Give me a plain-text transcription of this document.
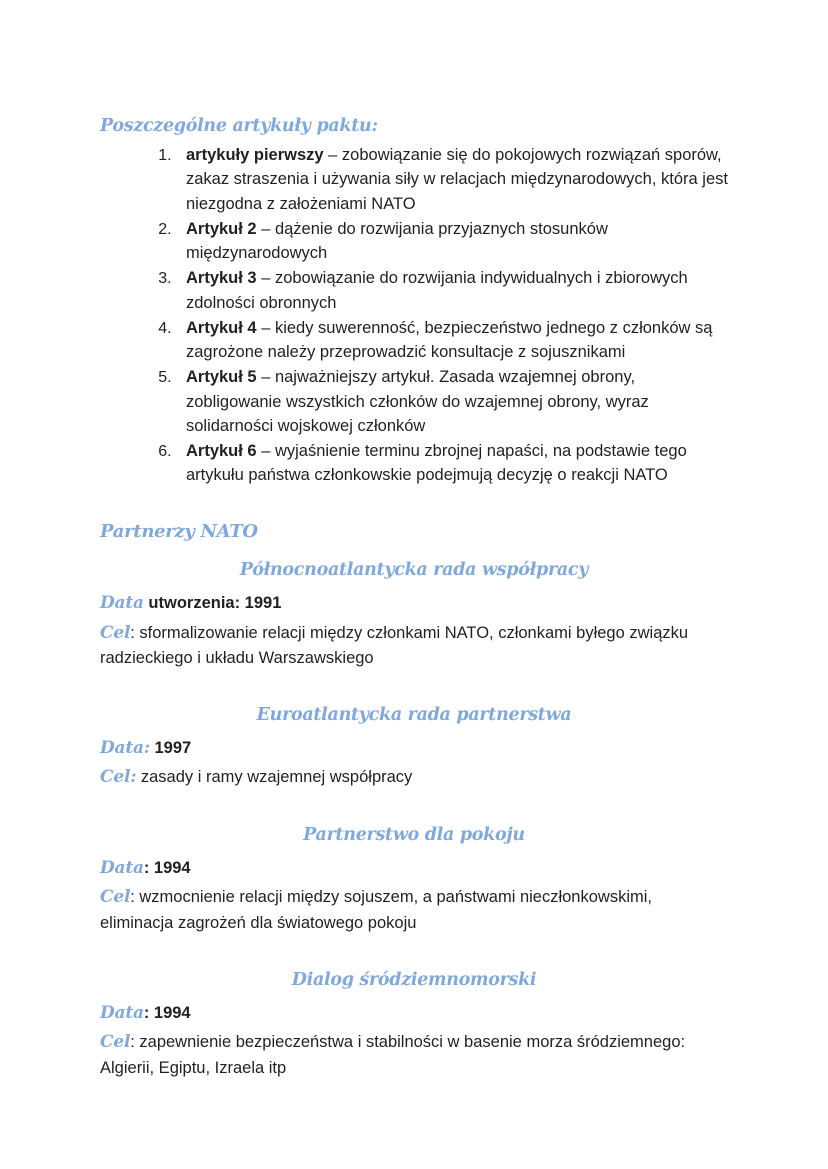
Poszczególne artykuły paktu:
1. artykuły pierwszy – zobowiązanie się do pokojowych rozwiązań sporów, zakaz straszenia i używania siły w relacjach międzynarodowych, która jest niezgodna z założeniami NATO
2. Artykuł 2 – dążenie do rozwijania przyjaznych stosunków międzynarodowych
3. Artykuł 3 – zobowiązanie do rozwijania indywidualnych i zbiorowych zdolności obronnych
4. Artykuł 4 – kiedy suwerenność, bezpieczeństwo jednego z członków są zagrożone należy przeprowadzić konsultacje z sojusznikami
5. Artykuł 5 – najważniejszy artykuł. Zasada wzajemnej obrony, zobligowanie wszystkich członków do wzajemnej obrony, wyraz solidarności wojskowej członków
6. Artykuł 6 – wyjaśnienie terminu zbrojnej napaści, na podstawie tego artykułu państwa członkowskie podejmują decyzję o reakcji NATO
Partnerzy NATO
Północnoatlantycka rada współpracy

Data utworzenia: 1991

Cel: sformalizowanie relacji między członkami NATO, członkami byłego związku radzieckiego i układu Warszawskiego

Euroatlantycka rada partnerstwa

Data: 1997

Cel: zasady i ramy wzajemnej współpracy

Partnerstwo dla pokoju

Data: 1994

Cel: wzmocnienie relacji między sojuszem, a państwami nieczłonkowskimi, eliminacja zagrożeń dla światowego pokoju

Dialog śródziemnomorski

Data: 1994

Cel: zapewnienie bezpieczeństwa i stabilności w basenie morza śródziemnego: Algierii, Egiptu, Izraela itp
